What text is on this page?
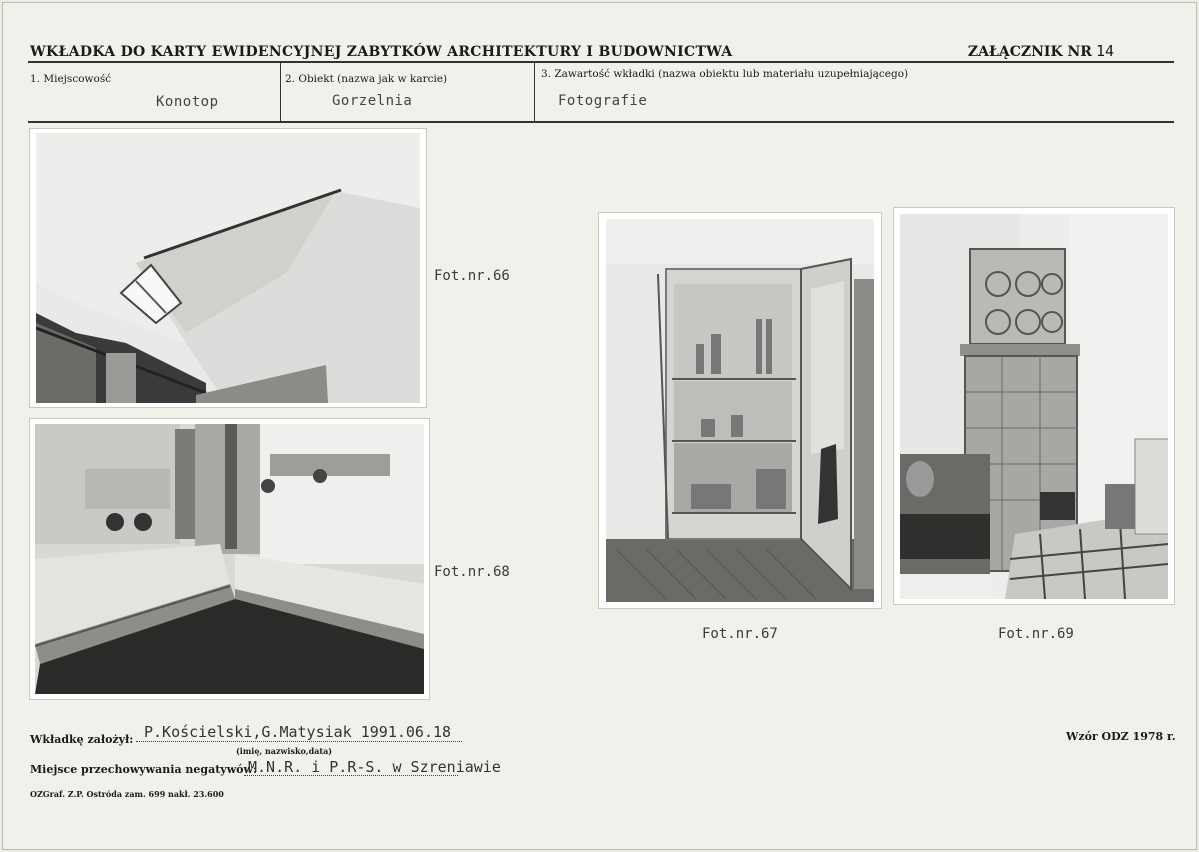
WKŁADKA DO KARTY EWIDENCYJNEJ ZABYTKÓW ARCHITEKTURY I BUDOWNICTWA	ZAŁĄCZNIK NR 14
1. Miejscowość
Konotop
2. Obiekt (nazwa jak w karcie)
Gorzelnia
3. Zawartość wkładki (nazwa obiektu lub materiału uzupełniającego)
Fotografie
Fot.nr.66
Fot.nr.68
Fot.nr.67	Fot.nr.69
Wkładkę założył: P.Kościelski,G.Matysiak 1991.06.18
(imię, nazwisko,data)
Miejsce przechowywania negatywów:
M.N.R. i P.R-S. w Szreniawie
OZGraf. Z.P. Ostróda zam. 699 nakł. 23.600
Wzór ODZ 1978 r.
